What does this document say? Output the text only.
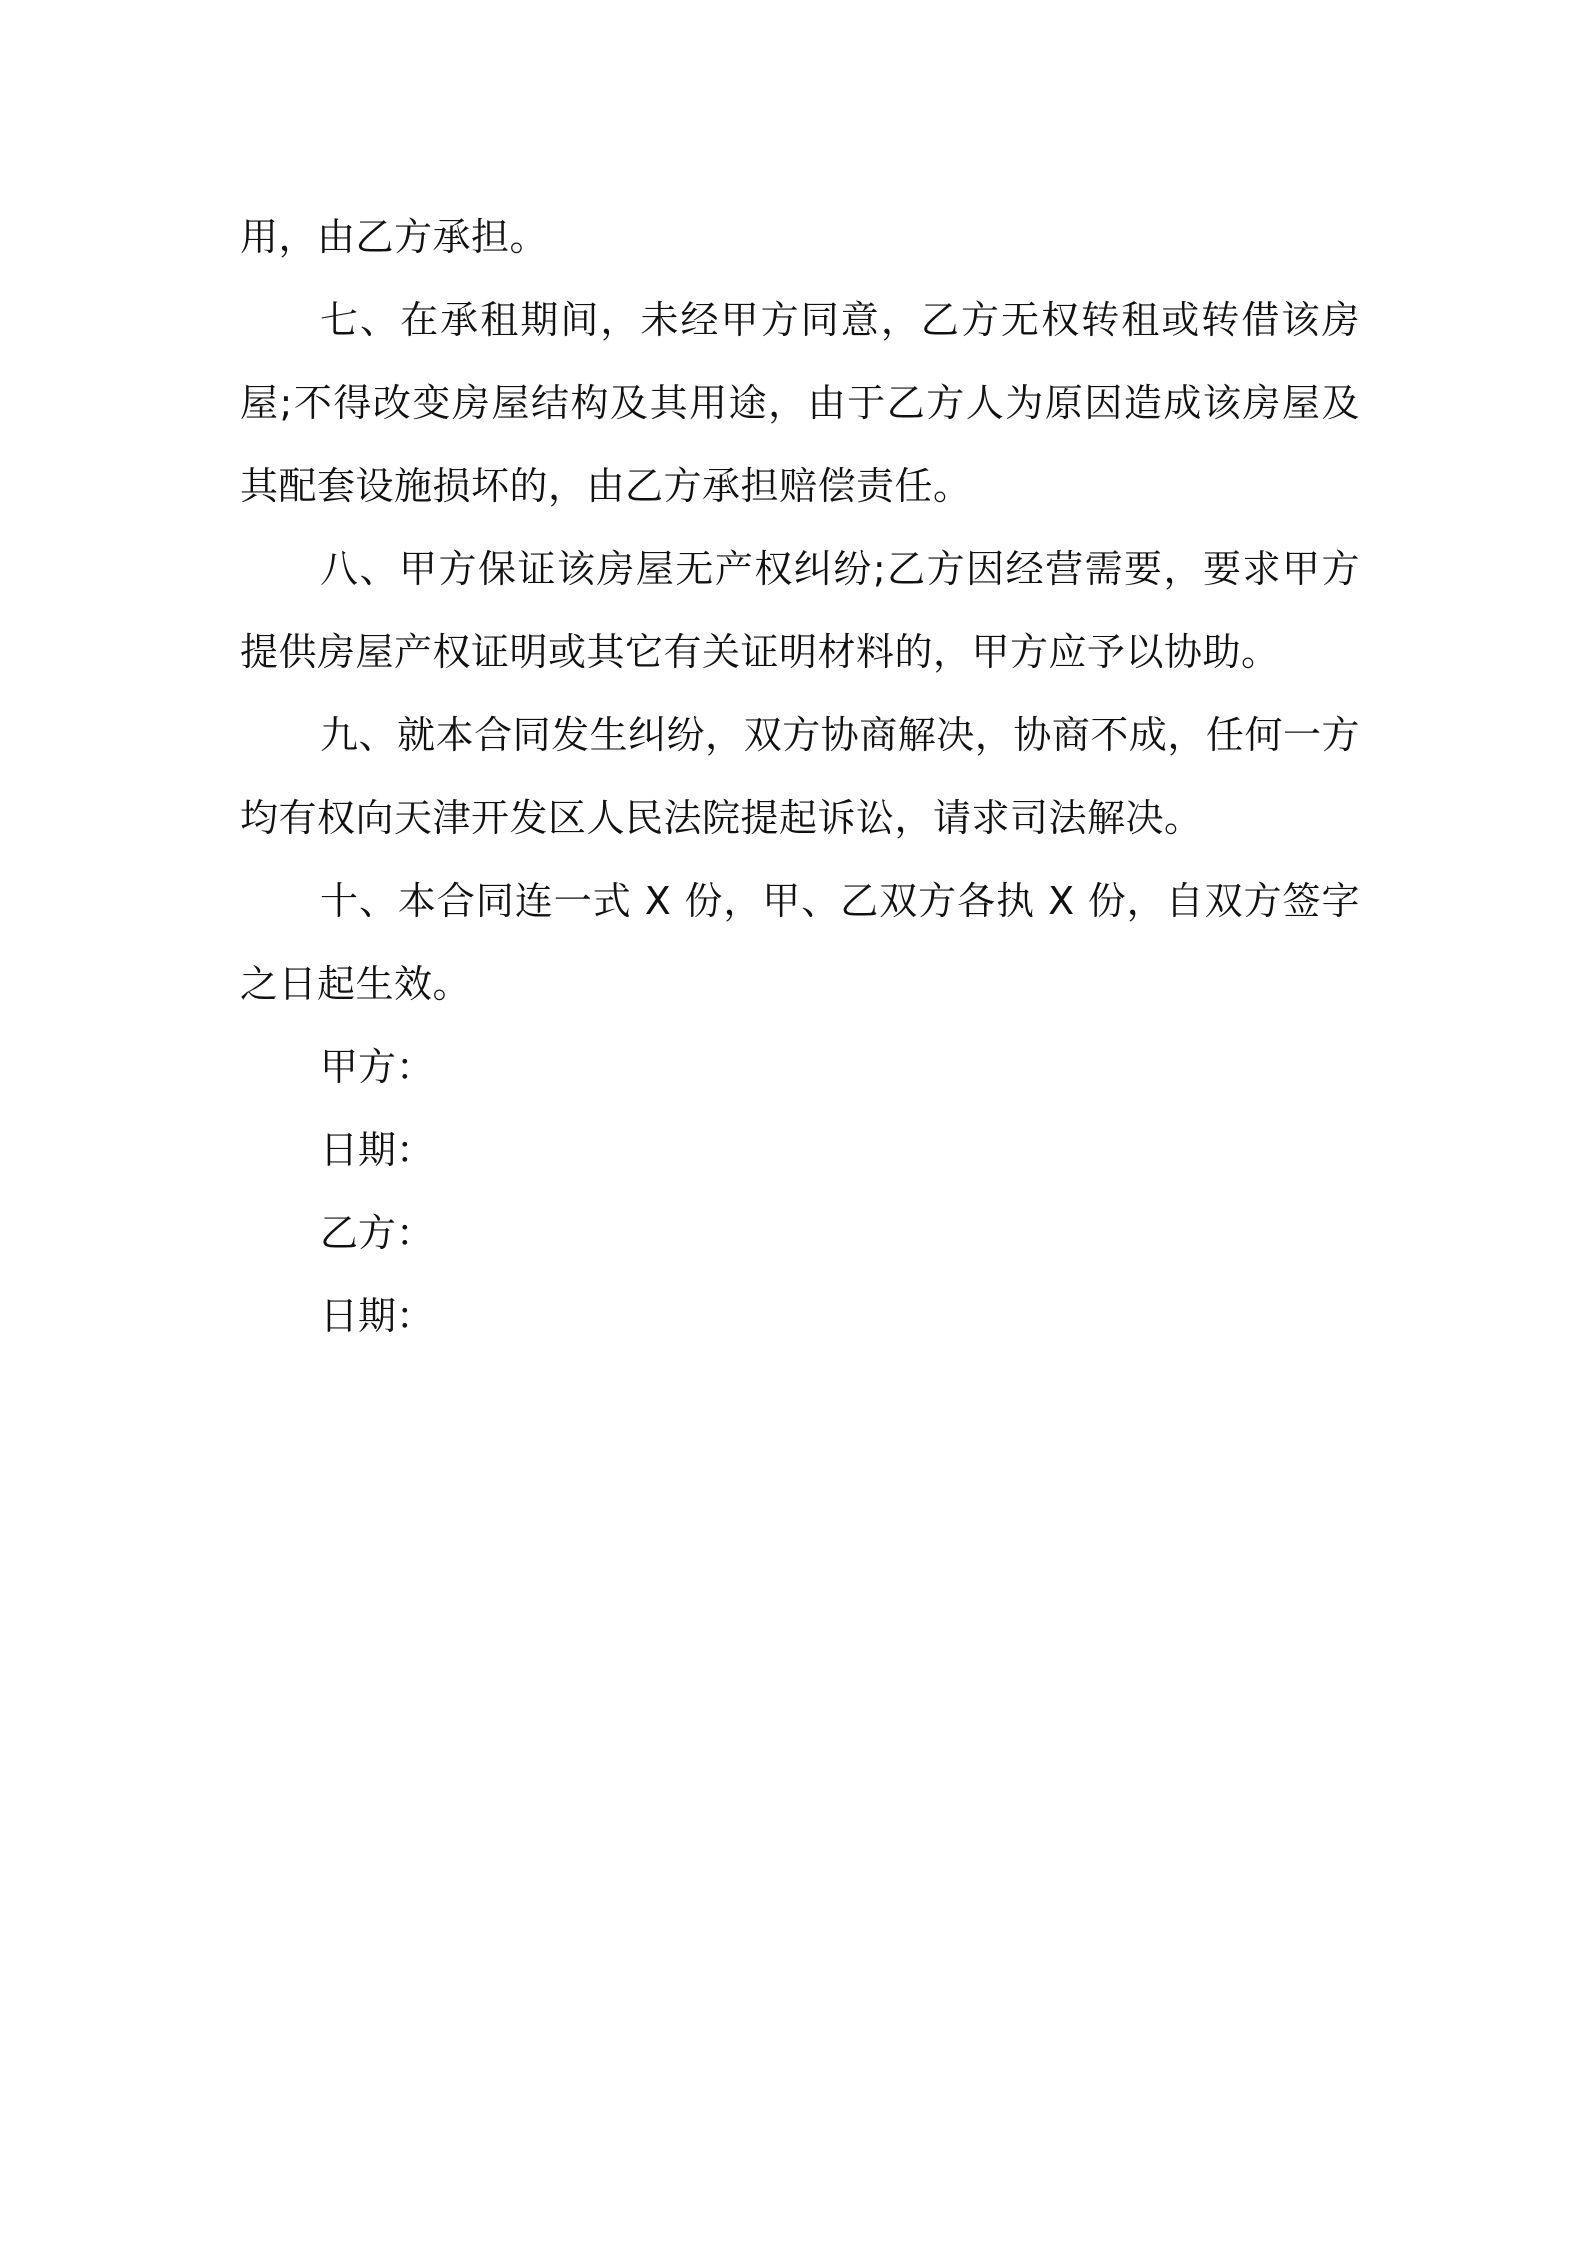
用，由乙方承担。

七、在承租期间，未经甲方同意，乙方无权转租或转借该房屋;不得改变房屋结构及其用途，由于乙方人为原因造成该房屋及其配套设施损坏的，由乙方承担赔偿责任。

八、甲方保证该房屋无产权纠纷;乙方因经营需要，要求甲方提供房屋产权证明或其它有关证明材料的，甲方应予以协助。

九、就本合同发生纠纷，双方协商解决，协商不成，任何一方均有权向天津开发区人民法院提起诉讼，请求司法解决。

十、本合同连一式 X 份，甲、乙双方各执 X 份，自双方签字之日起生效。

甲方：

日期：

乙方：

日期：
